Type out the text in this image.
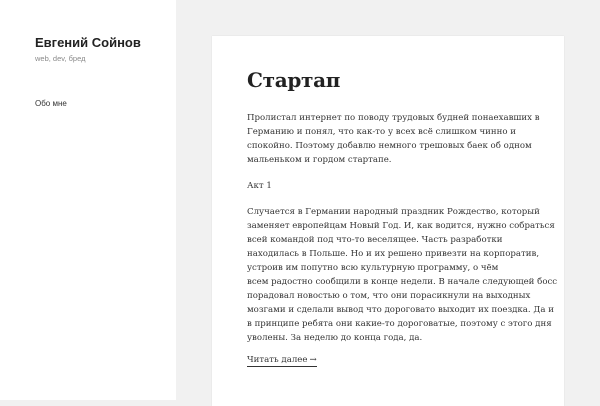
Евгений Сойнов
web, dev, бред
Обо мне
Стартап
Пролистал интернет по поводу трудовых будней понаехавших в
Германию и понял, что как-то у всех всё слишком чинно и
спокойно. Поэтому добавлю немного трешовых баек об одном
мальеньком и гордом стартапе.
Акт 1
Случается в Германии народный праздник Рождество, который
заменяет европейцам Новый Год. И, как водится, нужно собраться
всей командой под что-то веселящее. Часть разработки
находилась в Польше. Но и их решено привезти на корпоратив,
устроив им попутно всю культурную программу, о чём
всем радостно сообщили в конце недели. В начале следующей босс
порадовал новостью о том, что они порасикнули на выходных
мозгами и сделали вывод что дороговато выходит их поездка. Да и
в принципе ребята они какие-то дороговатые, поэтому с этого дня
уволены. За неделю до конца года, да.
Читать далее →
